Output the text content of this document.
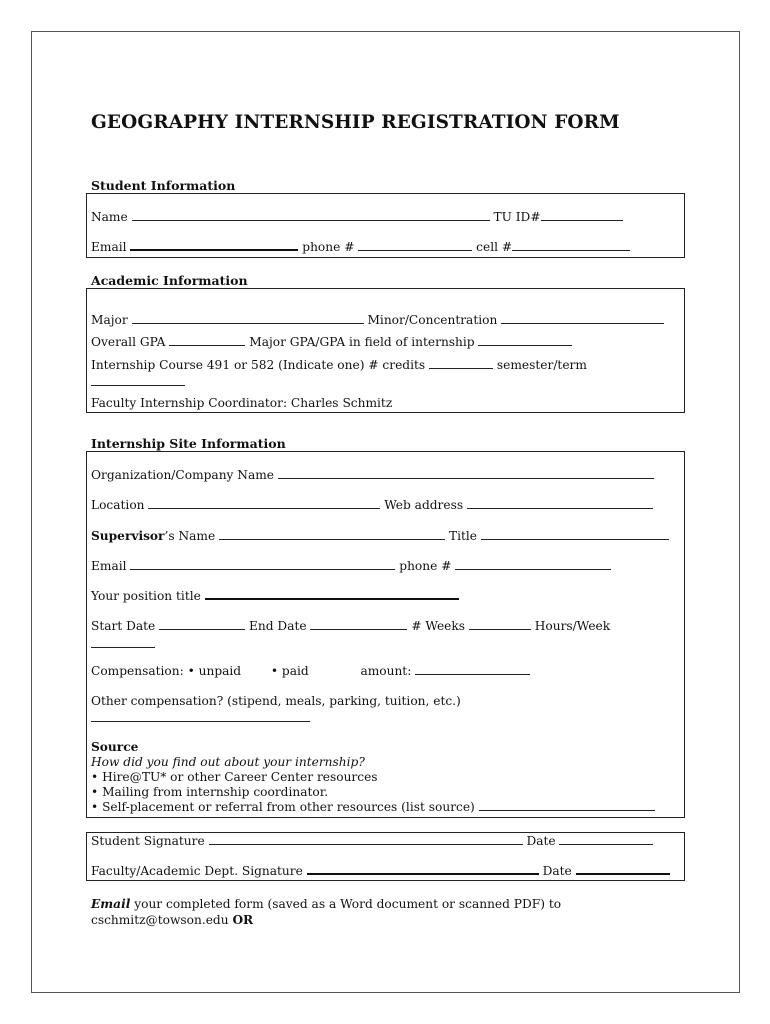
GEOGRAPHY INTERNSHIP REGISTRATION FORM
Student Information
Name	TU ID#
Email	phone #	cell #
Academic Information
Major	Minor/Concentration
Overall GPA	Major GPA/GPA in field of internship
Internship Course 491 or 582 (Indicate one) # credits	semester/term
Faculty Internship Coordinator: Charles Schmitz
Internship Site Information
Organization/Company Name
Location	Web address
Supervisor’s Name	Title
Email	phone #
Your position title
Start Date	End Date	# Weeks	Hours/Week
Compensation: • unpaid • paid	amount:
Other compensation? (stipend, meals, parking, tuition, etc.)
Source
How did you find out about your internship?
• Hire@TU* or other Career Center resources
• Mailing from internship coordinator.
• Self-placement or referral from other resources (list source)
Student Signature	Date
Faculty/Academic Dept. Signature	Date
Email your completed form (saved as a Word document or scanned PDF) to
cschmitz@towson.edu OR
